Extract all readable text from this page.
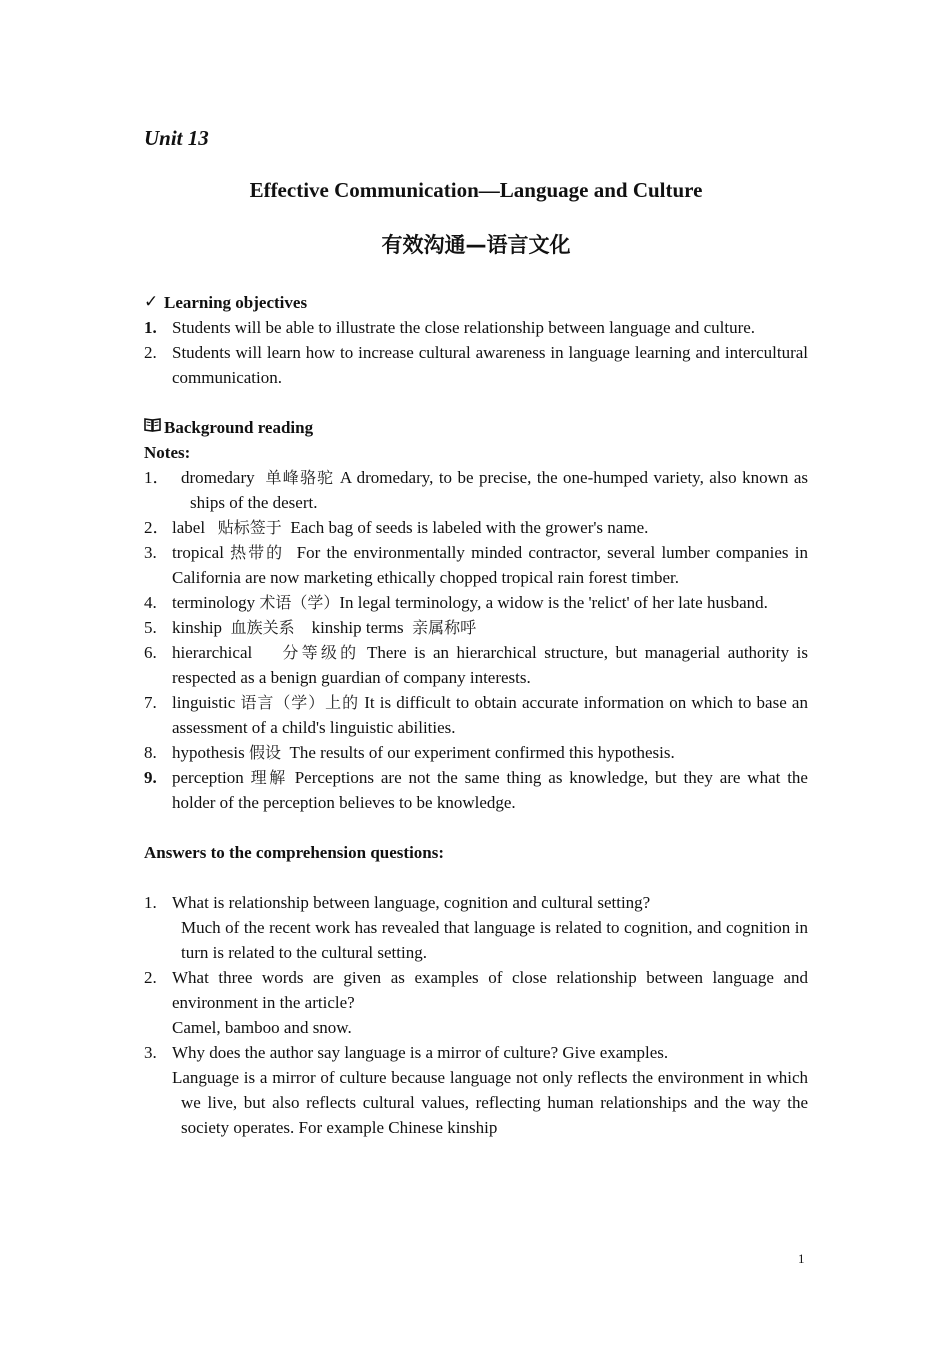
Unit 13
Effective Communication—Language and Culture
有效沟通—语言文化
✓ Learning objectives
1. Students will be able to illustrate the close relationship between language and culture.
2. Students will learn how to increase cultural awareness in language learning and intercultural communication.
Background reading
Notes:
1． dromedary 单峰骆驼 A dromedary, to be precise, the one-humped variety, also known as ships of the desert.
2． label 贴标签于 Each bag of seeds is labeled with the grower's name.
3. tropical 热带的 For the environmentally minded contractor, several lumber companies in California are now marketing ethically chopped tropical rain forest timber.
4. terminology 术语（学）In legal terminology, a widow is the 'relict' of her late husband.
5. kinship 血族关系 kinship terms 亲属称呼
6. hierarchical 分等级的 There is an hierarchical structure, but managerial authority is respected as a benign guardian of company interests.
7. linguistic 语言（学）上的 It is difficult to obtain accurate information on which to base an assessment of a child's linguistic abilities.
8. hypothesis 假设 The results of our experiment confirmed this hypothesis.
9. perception 理解 Perceptions are not the same thing as knowledge, but they are what the holder of the perception believes to be knowledge.
Answers to the comprehension questions:
1. What is relationship between language, cognition and cultural setting?
Much of the recent work has revealed that language is related to cognition, and cognition in turn is related to the cultural setting.
2. What three words are given as examples of close relationship between language and environment in the article?
Camel, bamboo and snow.
3. Why does the author say language is a mirror of culture? Give examples.
Language is a mirror of culture because language not only reflects the environment in which we live, but also reflects cultural values, reflecting human relationships and the way the society operates. For example Chinese kinship
1
